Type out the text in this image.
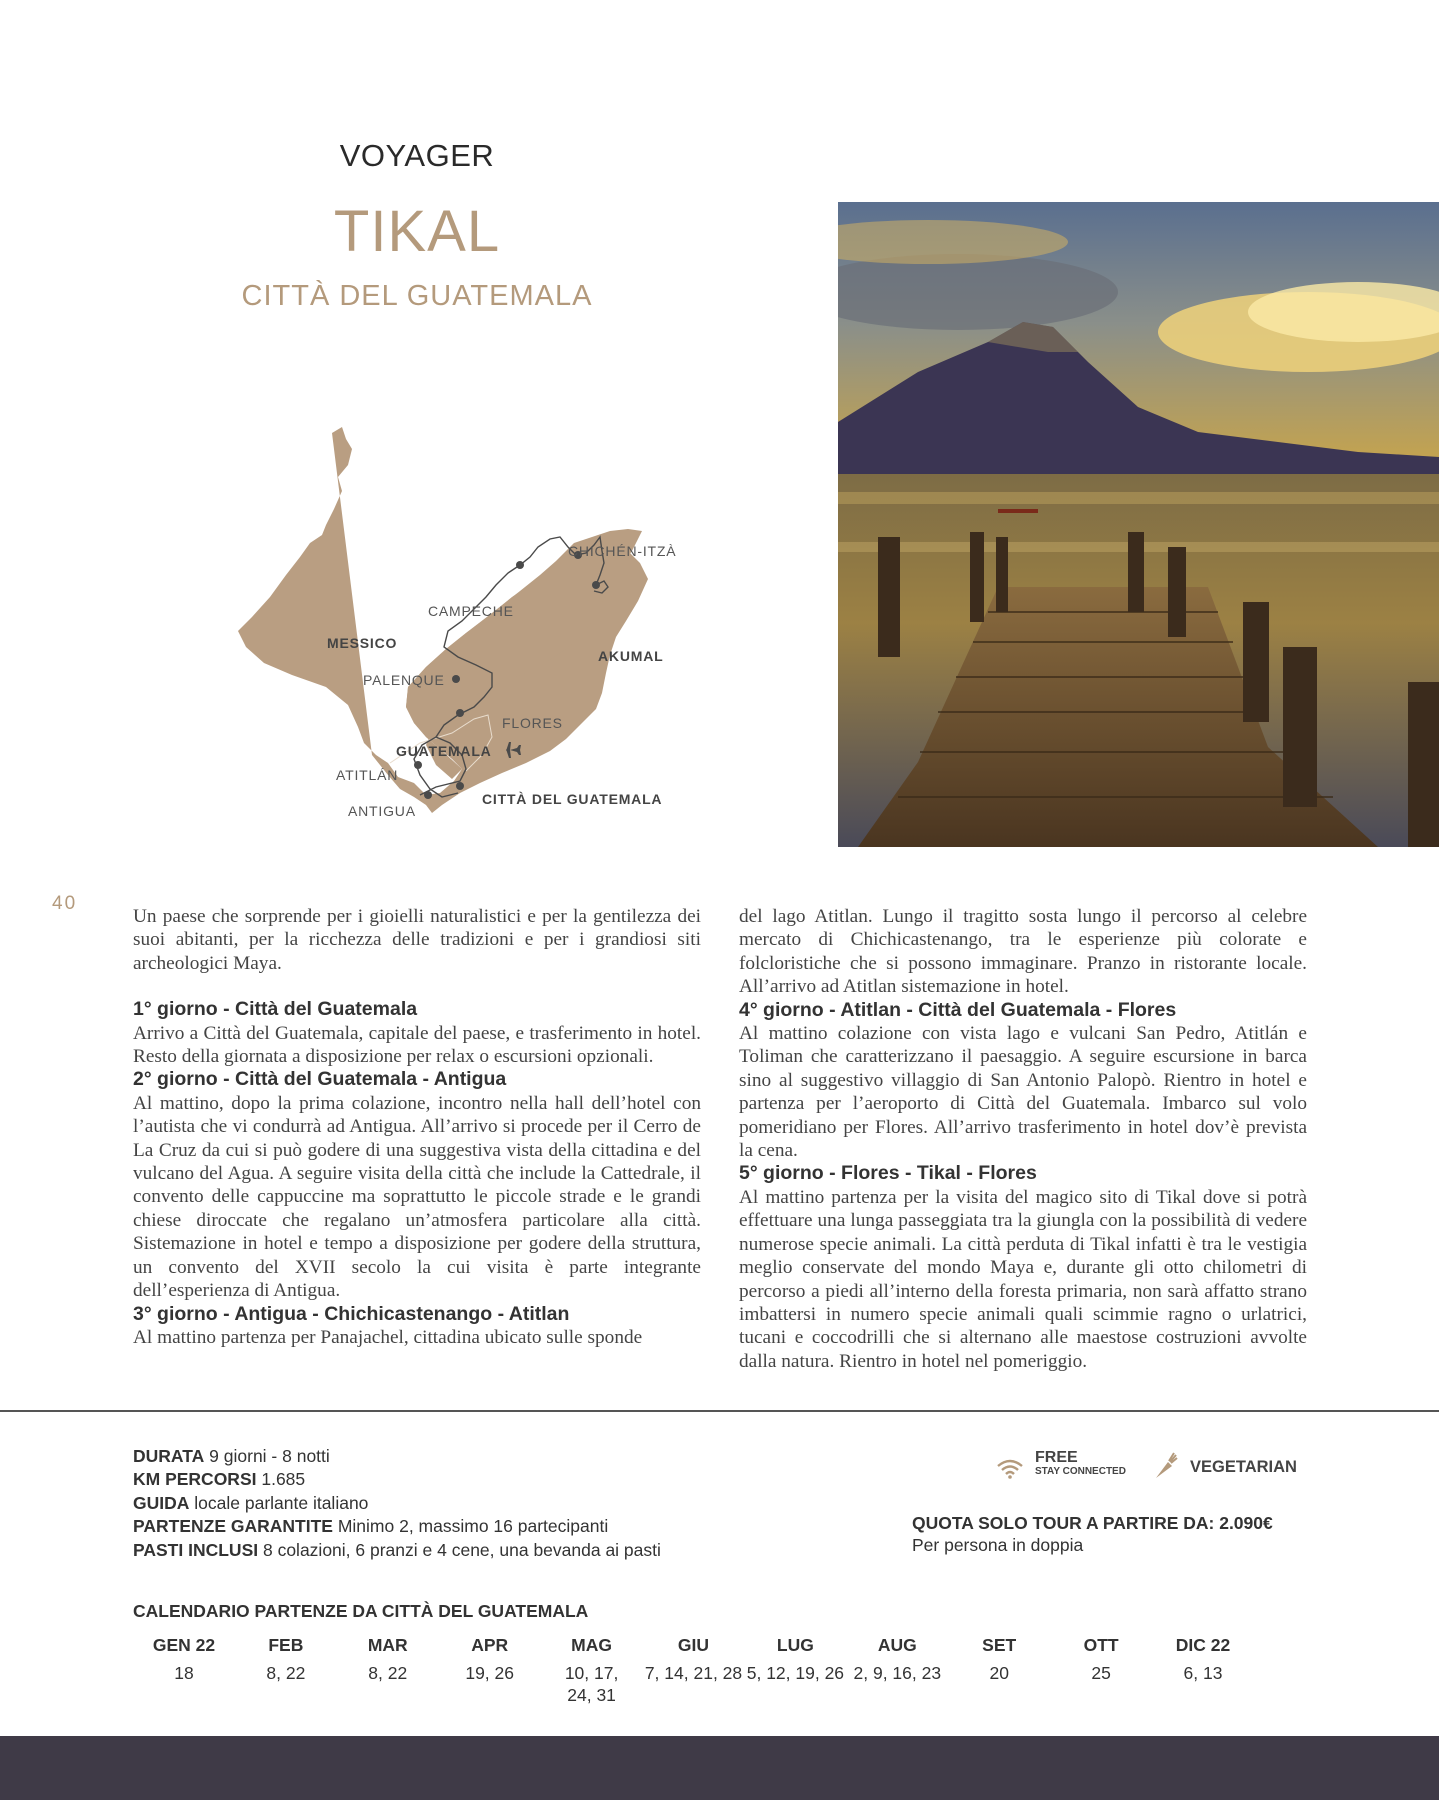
VOYAGER
TIKAL
CITTÀ DEL GUATEMALA
CHICHÉN-ITZÀ
CAMPECHE
MESSICO
AKUMAL
PALENQUE
FLORES
GUATEMALA
ATITLÁN
CITTÀ DEL GUATEMALA
ANTIGUA
40

Un paese che sorprende per i gioielli naturalistici e per la gentilezza dei suoi abitanti, per la ricchezza delle tradizioni e per i grandiosi siti archeologici Maya.

1° giorno - Città del Guatemala

Arrivo a Città del Guatemala, capitale del paese, e trasferimento in hotel. Resto della giornata a disposizione per relax o escursioni opzionali.

2° giorno - Città del Guatemala - Antigua

Al mattino, dopo la prima colazione, incontro nella hall dell’hotel con l’autista che vi condurrà ad Antigua. All’arrivo si procede per il Cerro de La Cruz da cui si può godere di una suggestiva vista della cittadina e del vulcano del Agua. A seguire visita della città che include la Cattedrale, il convento delle cappuccine ma soprattutto le piccole strade e le grandi chiese diroccate che regalano un’atmosfera particolare alla città. Sistemazione in hotel e tempo a disposizione per godere della struttura, un convento del XVII secolo la cui visita è parte integrante dell’esperienza di Antigua.

3° giorno - Antigua - Chichicastenango - Atitlan

Al mattino partenza per Panajachel, cittadina ubicato sulle sponde

del lago Atitlan. Lungo il tragitto sosta lungo il percorso al celebre mercato di Chichicastenango, tra le esperienze più colorate e folcloristiche che si possono immaginare. Pranzo in ristorante locale. All’arrivo ad Atitlan sistemazione in hotel.

4° giorno - Atitlan - Città del Guatemala - Flores

Al mattino colazione con vista lago e vulcani San Pedro, Atitlán e Toliman che caratterizzano il paesaggio. A seguire escursione in barca sino al suggestivo villaggio di San Antonio Palopò. Rientro in hotel e partenza per l’aeroporto di Città del Guatemala. Imbarco sul volo pomeridiano per Flores. All’arrivo trasferimento in hotel dov’è prevista la cena.

5° giorno - Flores - Tikal - Flores

Al mattino partenza per la visita del magico sito di Tikal dove si potrà effettuare una lunga passeggiata tra la giungla con la possibilità di vedere numerose specie animali. La città perduta di Tikal infatti è tra le vestigia meglio conservate del mondo Maya e, durante gli otto chilometri di percorso a piedi all’interno della foresta primaria, non sarà affatto strano imbattersi in numero specie animali quali scimmie ragno o urlatrici, tucani e coccodrilli che si alternano alle maestose costruzioni avvolte dalla natura. Rientro in hotel nel pomeriggio.

DURATA 9 giorni - 8 notti
KM PERCORSI 1.685
GUIDA locale parlante italiano
PARTENZE GARANTITE Minimo 2, massimo 16 partecipanti
PASTI INCLUSI 8 colazioni, 6 pranzi e 4 cene, una bevanda ai pasti
FREE
STAY CONNECTED	VEGETARIAN
QUOTA SOLO TOUR A PARTIRE DA: 2.090€
Per persona in doppia
CALENDARIO PARTENZE DA CITTÀ DEL GUATEMALA
GEN 22
18
FEB
8, 22
MAR
8, 22
APR
19, 26
MAG
10, 17, 24, 31
GIU
7, 14, 21, 28
LUG
5, 12, 19, 26
AUG
2, 9, 16, 23
SET
20
OTT
25
DIC 22
6, 13
